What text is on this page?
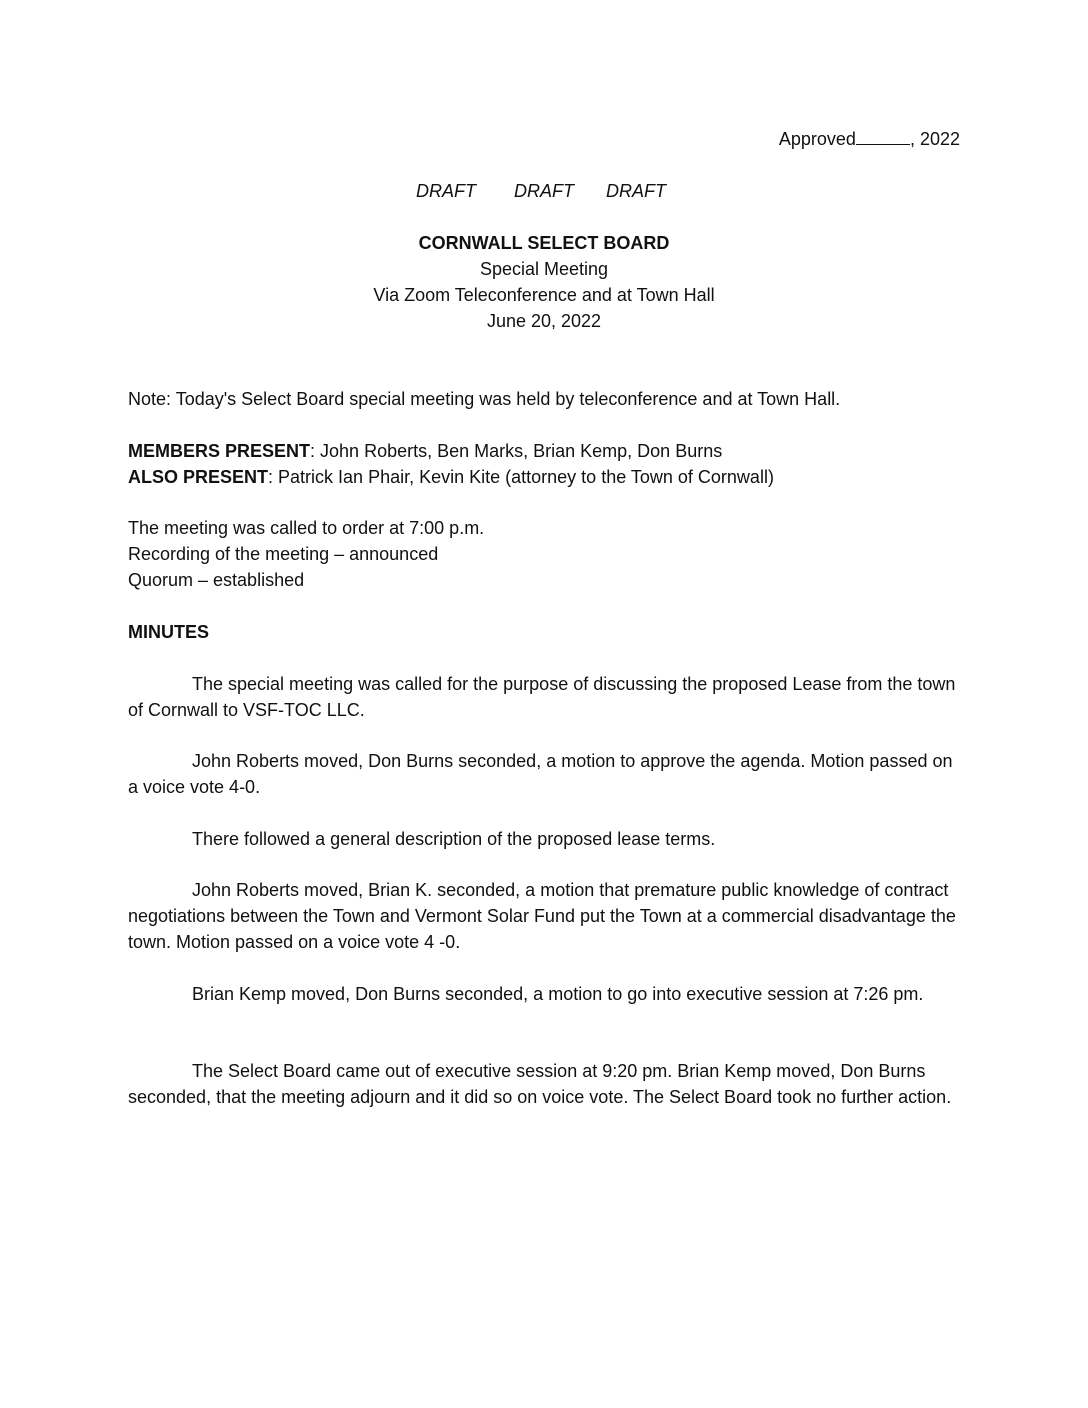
Approved	, 2022
DRAFT DRAFT DRAFT
CORNWALL SELECT BOARD
Special Meeting
Via Zoom Teleconference and at Town Hall
June 20, 2022
Note: Today's Select Board special meeting was held by teleconference and at Town Hall.
MEMBERS PRESENT: John Roberts, Ben Marks, Brian Kemp, Don Burns
ALSO PRESENT: Patrick Ian Phair, Kevin Kite (attorney to the Town of Cornwall)
The meeting was called to order at 7:00 p.m.
Recording of the meeting – announced
Quorum – established
MINUTES

The special meeting was called for the purpose of discussing the proposed Lease from the town of Cornwall to VSF-TOC LLC.

John Roberts moved, Don Burns seconded, a motion to approve the agenda. Motion passed on a voice vote 4-0.

There followed a general description of the proposed lease terms.

John Roberts moved, Brian K. seconded, a motion that premature public knowledge of contract negotiations between the Town and Vermont Solar Fund put the Town at a commercial disadvantage the town. Motion passed on a voice vote 4 -0.

Brian Kemp moved, Don Burns seconded, a motion to go into executive session at 7:26 pm.

The Select Board came out of executive session at 9:20 pm. Brian Kemp moved, Don Burns seconded, that the meeting adjourn and it did so on voice vote. The Select Board took no further action.
